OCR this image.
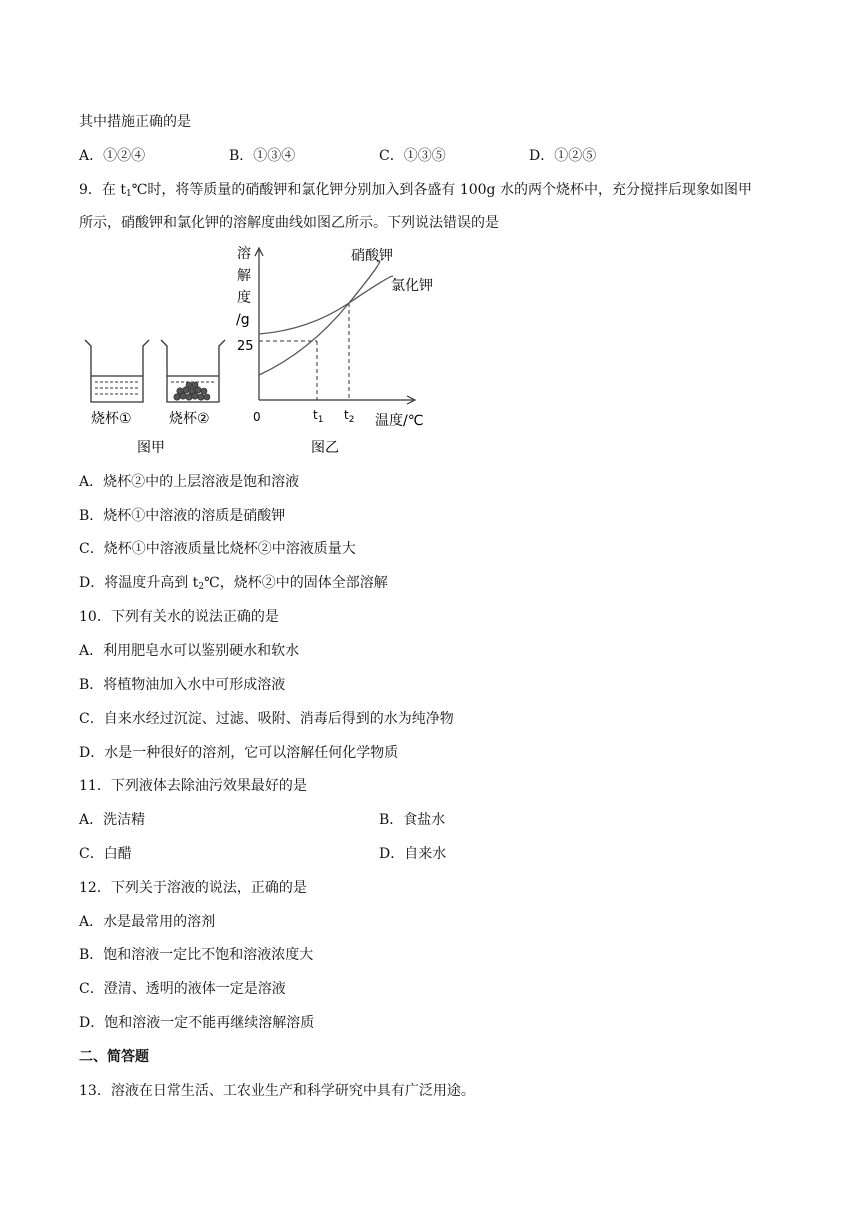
其中措施正确的是
A．①②④	B．①③④	C．①③⑤	D．①②⑤
9．在 $t_1℃$时，将等质量的硝酸钾和氯化钾分别加入到各盛有 100g 水的两个烧杯中，充分搅拌后现象如图甲
所示，硝酸钾和氯化钾的溶解度曲线如图乙所示。下列说法错误的是
烧杯①	烧杯②
图甲
溶
解
度
/g
25
0
硝酸钾
氯化钾
$t_1$ $t_2$ 温度/℃
图乙
A．烧杯②中的上层溶液是饱和溶液
B．烧杯①中溶液的溶质是硝酸钾
C．烧杯①中溶液质量比烧杯②中溶液质量大
D．将温度升高到 $t_2℃$，烧杯②中的固体全部溶解
10．下列有关水的说法正确的是
A．利用肥皂水可以鉴别硬水和软水
B．将植物油加入水中可形成溶液
C．自来水经过沉淀、过滤、吸附、消毒后得到的水为纯净物
D．水是一种很好的溶剂，它可以溶解任何化学物质
11．下列液体去除油污效果最好的是
A．洗洁精	B．食盐水
C．白醋	D．自来水
12．下列关于溶液的说法，正确的是
A．水是最常用的溶剂
B．饱和溶液一定比不饱和溶液浓度大
C．澄清、透明的液体一定是溶液
D．饱和溶液一定不能再继续溶解溶质
二、简答题
13．溶液在日常生活、工农业生产和科学研究中具有广泛用途。
